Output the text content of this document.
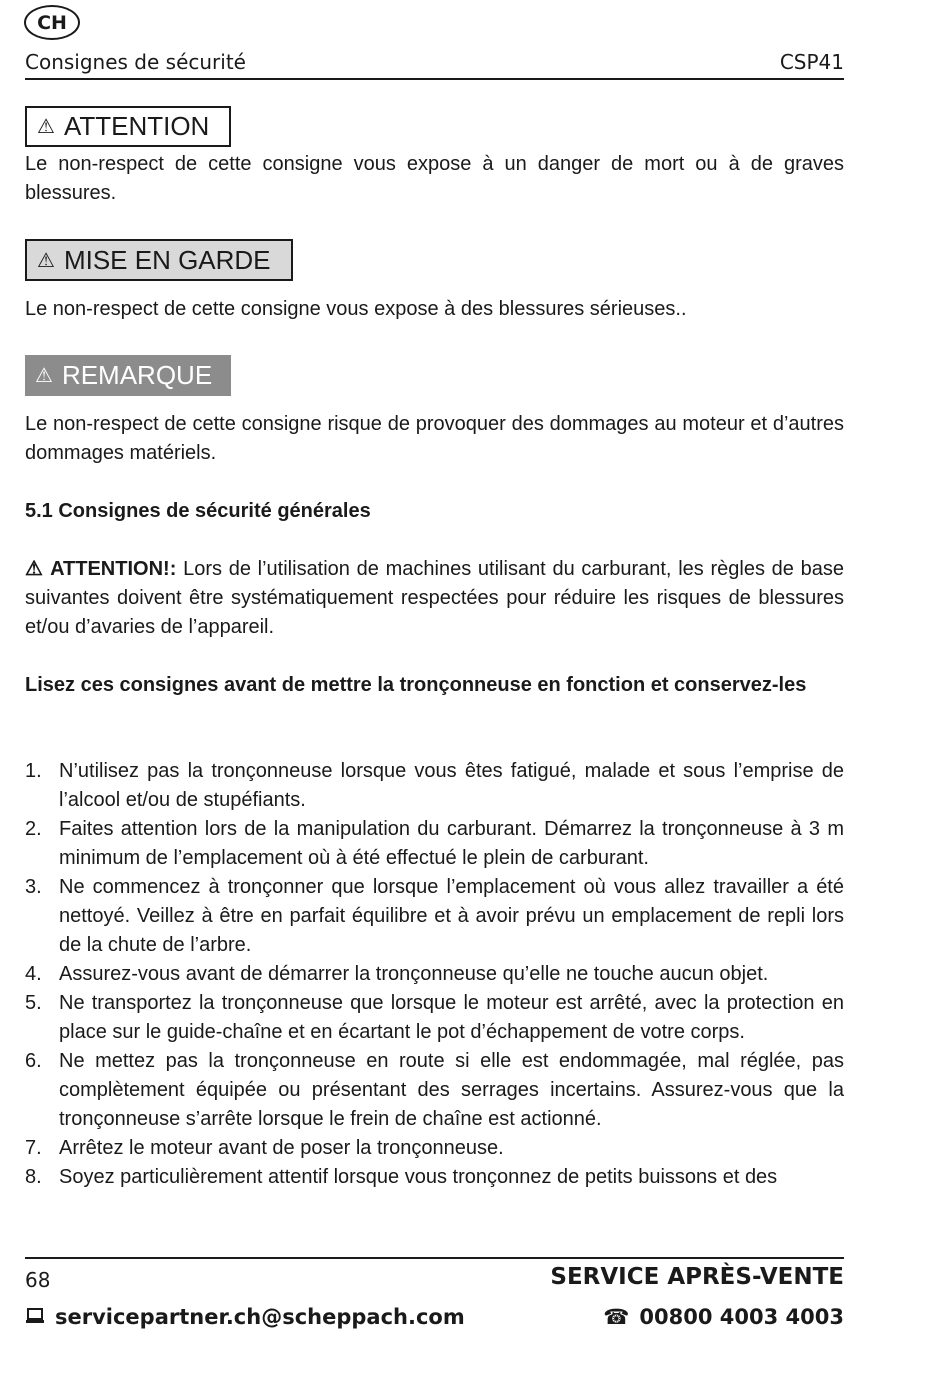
CH
Consignes de sécurité	CSP41
⚠ ATTENTION
Le non-respect de cette consigne vous expose à un danger de mort ou à de graves blessures.
⚠ MISE EN GARDE
Le non-respect de cette consigne vous expose à des blessures sérieuses..
⚠ REMARQUE
Le non-respect de cette consigne risque de provoquer des dommages au moteur et d’autres dommages matériels.
5.1 Consignes de sécurité générales
⚠ ATTENTION!: Lors de l’utilisation de machines utilisant du carburant, les règles de base suivantes doivent être systématiquement respectées pour réduire les risques de blessures et/ou d’avaries de l’appareil.
Lisez ces consignes avant de mettre la tronçonneuse en fonction et conservez-les
1. N’utilisez pas la tronçonneuse lorsque vous êtes fatigué, malade et sous l’emprise de l’alcool et/ou de stupéfiants.
2. Faites attention lors de la manipulation du carburant. Démarrez la tronçonneuse à 3 m minimum de l’emplacement où à été effectué le plein de carburant.
3. Ne commencez à tronçonner que lorsque l’emplacement où vous allez travailler a été nettoyé. Veillez à être en parfait équilibre et à avoir prévu un emplacement de repli lors de la chute de l’arbre.
4. Assurez-vous avant de démarrer la tronçonneuse qu’elle ne touche aucun objet.
5. Ne transportez la tronçonneuse que lorsque le moteur est arrêté, avec la protection en place sur le guide-chaîne et en écartant le pot d’échappement de votre corps.
6. Ne mettez pas la tronçonneuse en route si elle est endommagée, mal réglée, pas complètement équipée ou présentant des serrages incertains. Assurez-vous que la tronçonneuse s’arrête lorsque le frein de chaîne est actionné.
7. Arrêtez le moteur avant de poser la tronçonneuse.
8. Soyez particulièrement attentif lorsque vous tronçonnez de petits buissons et des
68	SERVICE APRÈS-VENTE
servicepartner.ch@scheppach.com	☎ 00800 4003 4003
